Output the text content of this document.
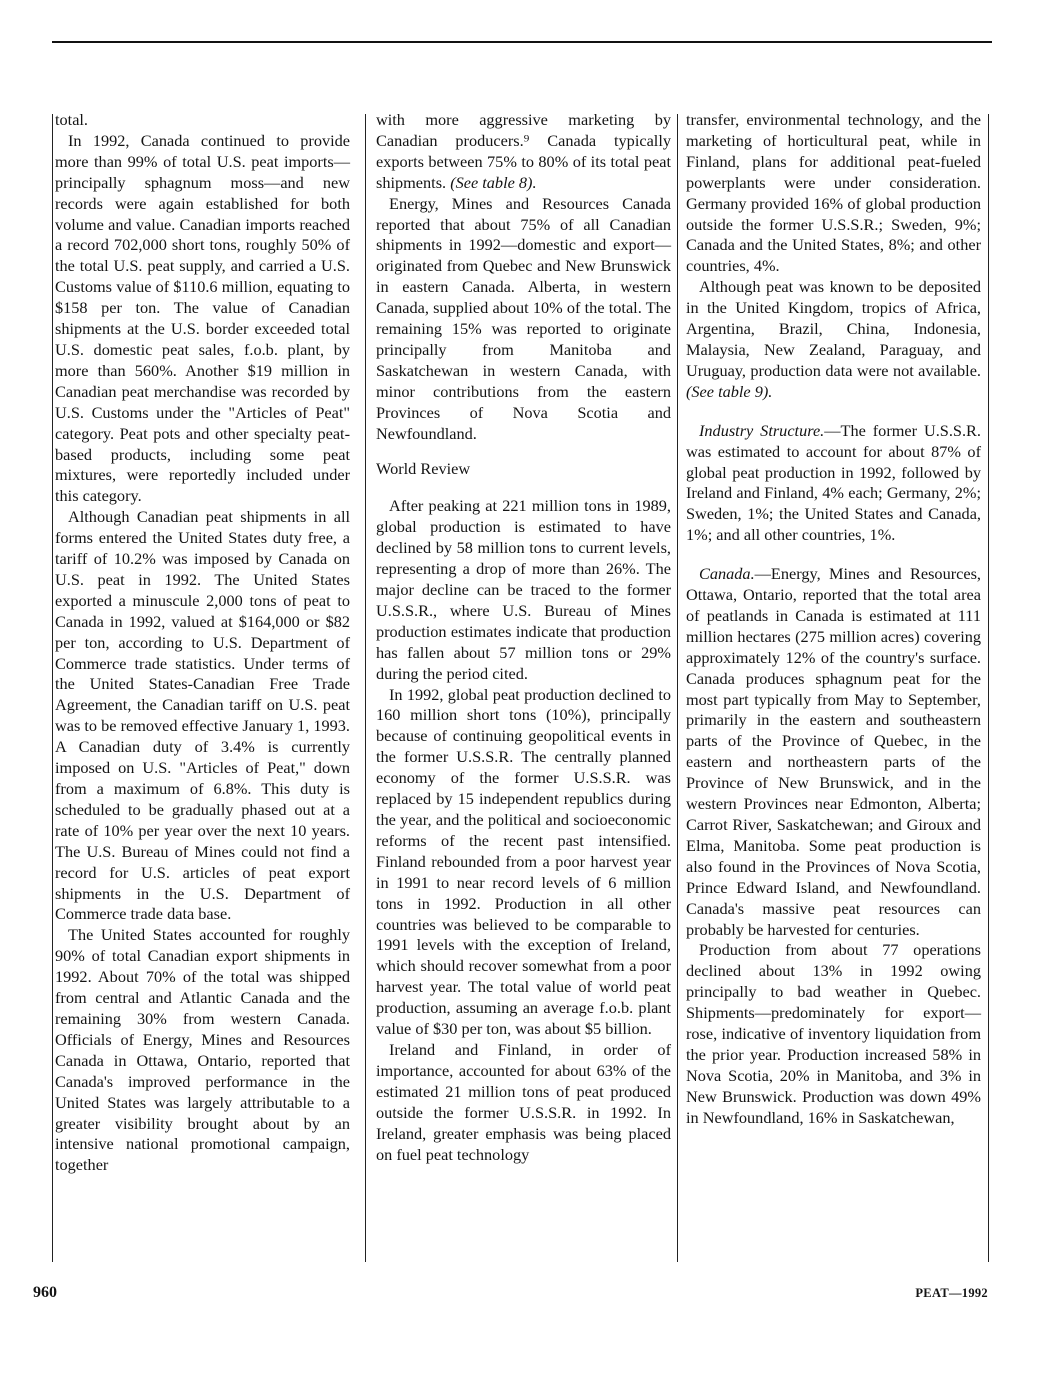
total.

In 1992, Canada continued to provide more than 99% of total U.S. peat imports—principally sphagnum moss—and new records were again established for both volume and value. Canadian imports reached a record 702,000 short tons, roughly 50% of the total U.S. peat supply, and carried a U.S. Customs value of $110.6 million, equating to $158 per ton. The value of Canadian shipments at the U.S. border exceeded total U.S. domestic peat sales, f.o.b. plant, by more than 560%. Another $19 million in Canadian peat merchandise was recorded by U.S. Customs under the "Articles of Peat" category. Peat pots and other specialty peat-based products, including some peat mixtures, were reportedly included under this category.

Although Canadian peat shipments in all forms entered the United States duty free, a tariff of 10.2% was imposed by Canada on U.S. peat in 1992. The United States exported a minuscule 2,000 tons of peat to Canada in 1992, valued at $164,000 or $82 per ton, according to U.S. Department of Commerce trade statistics. Under terms of the United States-Canadian Free Trade Agreement, the Canadian tariff on U.S. peat was to be removed effective January 1, 1993. A Canadian duty of 3.4% is currently imposed on U.S. "Articles of Peat," down from a maximum of 6.8%. This duty is scheduled to be gradually phased out at a rate of 10% per year over the next 10 years. The U.S. Bureau of Mines could not find a record for U.S. articles of peat export shipments in the U.S. Department of Commerce trade data base.

The United States accounted for roughly 90% of total Canadian export shipments in 1992. About 70% of the total was shipped from central and Atlantic Canada and the remaining 30% from western Canada. Officials of Energy, Mines and Resources Canada in Ottawa, Ontario, reported that Canada's improved performance in the United States was largely attributable to a greater visibility brought about by an intensive national promotional campaign, together

with more aggressive marketing by Canadian producers.⁹ Canada typically exports between 75% to 80% of its total peat shipments. (See table 8).

Energy, Mines and Resources Canada reported that about 75% of all Canadian shipments in 1992—domestic and export—originated from Quebec and New Brunswick in eastern Canada. Alberta, in western Canada, supplied about 10% of the total. The remaining 15% was reported to originate principally from Manitoba and Saskatchewan in western Canada, with minor contributions from the eastern Provinces of Nova Scotia and Newfoundland.

World Review

After peaking at 221 million tons in 1989, global production is estimated to have declined by 58 million tons to current levels, representing a drop of more than 26%. The major decline can be traced to the former U.S.S.R., where U.S. Bureau of Mines production estimates indicate that production has fallen about 57 million tons or 29% during the period cited.

In 1992, global peat production declined to 160 million short tons (10%), principally because of continuing geopolitical events in the former U.S.S.R. The centrally planned economy of the former U.S.S.R. was replaced by 15 independent republics during the year, and the political and socioeconomic reforms of the recent past intensified. Finland rebounded from a poor harvest year in 1991 to near record levels of 6 million tons in 1992. Production in all other countries was believed to be comparable to 1991 levels with the exception of Ireland, which should recover somewhat from a poor harvest year. The total value of world peat production, assuming an average f.o.b. plant value of $30 per ton, was about $5 billion.

Ireland and Finland, in order of importance, accounted for about 63% of the estimated 21 million tons of peat produced outside the former U.S.S.R. in 1992. In Ireland, greater emphasis was being placed on fuel peat technology

transfer, environmental technology, and the marketing of horticultural peat, while in Finland, plans for additional peat-fueled powerplants were under consideration. Germany provided 16% of global production outside the former U.S.S.R.; Sweden, 9%; Canada and the United States, 8%; and other countries, 4%.

Although peat was known to be deposited in the United Kingdom, tropics of Africa, Argentina, Brazil, China, Indonesia, Malaysia, New Zealand, Paraguay, and Uruguay, production data were not available. (See table 9).

Industry Structure.—The former U.S.S.R. was estimated to account for about 87% of global peat production in 1992, followed by Ireland and Finland, 4% each; Germany, 2%; Sweden, 1%; the United States and Canada, 1%; and all other countries, 1%.

Canada.—Energy, Mines and Resources, Ottawa, Ontario, reported that the total area of peatlands in Canada is estimated at 111 million hectares (275 million acres) covering approximately 12% of the country's surface. Canada produces sphagnum peat for the most part typically from May to September, primarily in the eastern and southeastern parts of the Province of Quebec, in the eastern and northeastern parts of the Province of New Brunswick, and in the western Provinces near Edmonton, Alberta; Carrot River, Saskatchewan; and Giroux and Elma, Manitoba. Some peat production is also found in the Provinces of Nova Scotia, Prince Edward Island, and Newfoundland. Canada's massive peat resources can probably be harvested for centuries.

Production from about 77 operations declined about 13% in 1992 owing principally to bad weather in Quebec. Shipments—predominately for export—rose, indicative of inventory liquidation from the prior year. Production increased 58% in Nova Scotia, 20% in Manitoba, and 3% in New Brunswick. Production was down 49% in Newfoundland, 16% in Saskatchewan,

960	PEAT—1992
